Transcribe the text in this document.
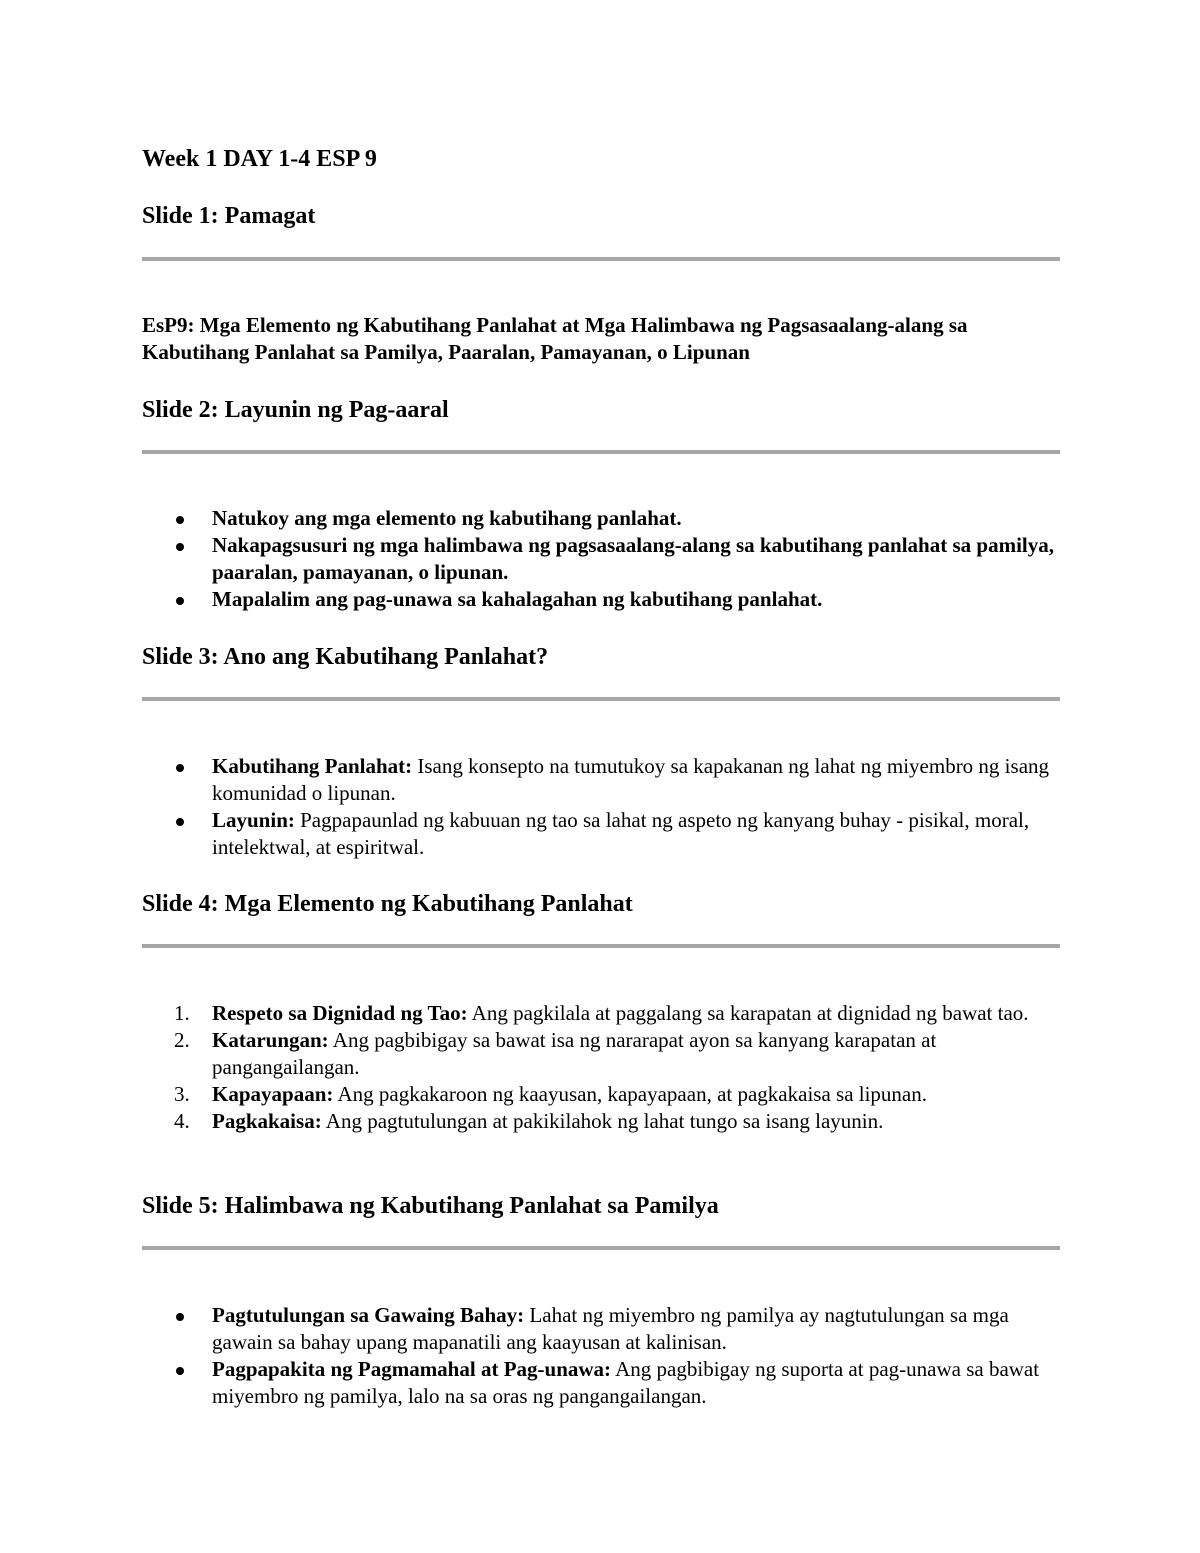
Week 1 DAY 1-4 ESP 9
Slide 1: Pamagat

EsP9: Mga Elemento ng Kabutihang Panlahat at Mga Halimbawa ng Pagsasaalang-alang sa Kabutihang Panlahat sa Pamilya, Paaralan, Pamayanan, o Lipunan

Slide 2: Layunin ng Pag-aaral
Natukoy ang mga elemento ng kabutihang panlahat.
Nakapagsusuri ng mga halimbawa ng pagsasaalang-alang sa kabutihang panlahat sa pamilya, paaralan, pamayanan, o lipunan.
Mapalalim ang pag-unawa sa kahalagahan ng kabutihang panlahat.
Slide 3: Ano ang Kabutihang Panlahat?
Kabutihang Panlahat: Isang konsepto na tumutukoy sa kapakanan ng lahat ng miyembro ng isang komunidad o lipunan.
Layunin: Pagpapaunlad ng kabuuan ng tao sa lahat ng aspeto ng kanyang buhay - pisikal, moral, intelektwal, at espiritwal.
Slide 4: Mga Elemento ng Kabutihang Panlahat
1. Respeto sa Dignidad ng Tao: Ang pagkilala at paggalang sa karapatan at dignidad ng bawat tao.
2. Katarungan: Ang pagbibigay sa bawat isa ng nararapat ayon sa kanyang karapatan at pangangailangan.
3. Kapayapaan: Ang pagkakaroon ng kaayusan, kapayapaan, at pagkakaisa sa lipunan.
4. Pagkakaisa: Ang pagtutulungan at pakikilahok ng lahat tungo sa isang layunin.
Slide 5: Halimbawa ng Kabutihang Panlahat sa Pamilya
Pagtutulungan sa Gawaing Bahay: Lahat ng miyembro ng pamilya ay nagtutulungan sa mga gawain sa bahay upang mapanatili ang kaayusan at kalinisan.
Pagpapakita ng Pagmamahal at Pag-unawa: Ang pagbibigay ng suporta at pag-unawa sa bawat miyembro ng pamilya, lalo na sa oras ng pangangailangan.
